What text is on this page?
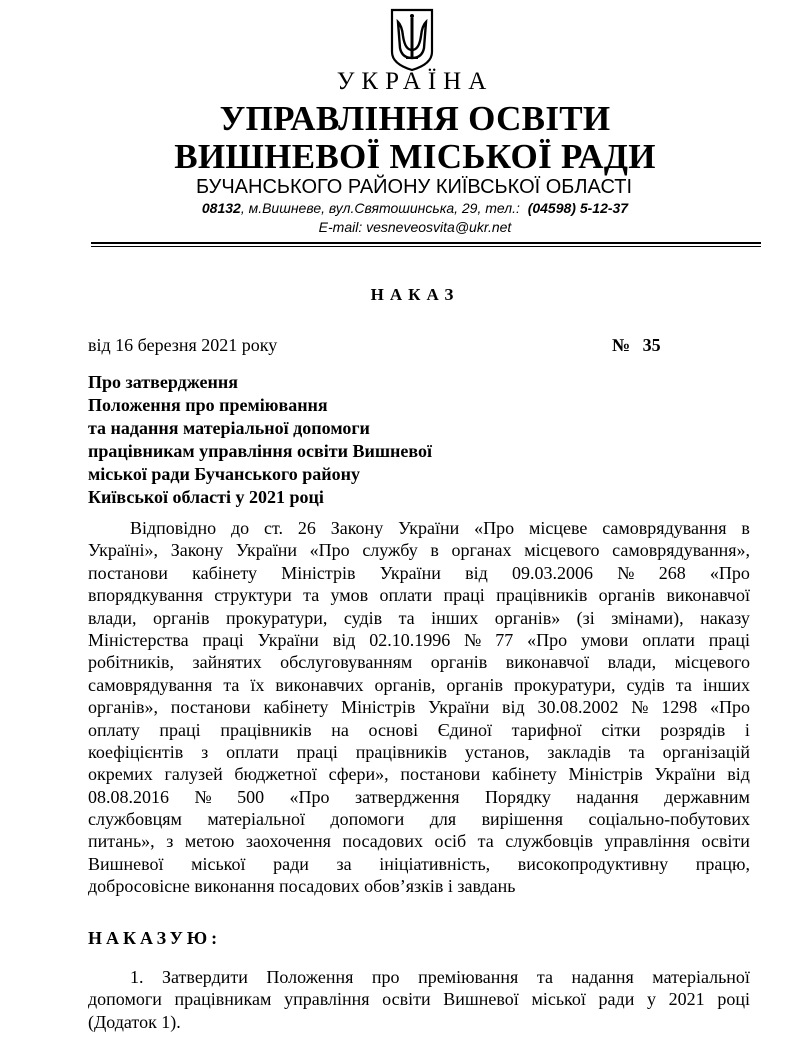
УКРАЇНА
УПРАВЛІННЯ ОСВІТИ
ВИШНЕВОЇ МІСЬКОЇ РАДИ
БУЧАНСЬКОГО РАЙОНУ КИЇВСЬКОЇ ОБЛАСТІ
08132, м.Вишневе, вул.Святошинська, 29, тел.: (04598) 5-12-37
E-mail: vesneveosvita@ukr.net
НАКАЗ
від 16 березня 2021 року	№ 35
Про затвердження
Положення про преміювання
та надання матеріальної допомоги
працівникам управління освіти Вишневої
міської ради Бучанського району
Київської області у 2021 році
Відповідно до ст. 26 Закону України «Про місцеве самоврядування в
Україні», Закону України «Про службу в органах місцевого самоврядування»,
постанови кабінету Міністрів України від 09.03.2006 № 268 «Про
впорядкування структури та умов оплати праці працівників органів виконавчої
влади, органів прокуратури, судів та інших органів» (зі змінами), наказу
Міністерства праці України від 02.10.1996 № 77 «Про умови оплати праці
робітників, зайнятих обслуговуванням органів виконавчої влади, місцевого
самоврядування та їх виконавчих органів, органів прокуратури, судів та інших
органів», постанови кабінету Міністрів України від 30.08.2002 № 1298 «Про
оплату праці працівників на основі Єдиної тарифної сітки розрядів і
коефіцієнтів з оплати праці працівників установ, закладів та організацій
окремих галузей бюджетної сфери», постанови кабінету Міністрів України від
08.08.2016 № 500 «Про затвердження Порядку надання державним
службовцям матеріальної допомоги для вирішення соціально-побутових
питань», з метою заохочення посадових осіб та службовців управління освіти
Вишневої міської ради за ініціативність, високопродуктивну працю,
добросовісне виконання посадових обов’язків і завдань
НАКАЗУЮ:
1. Затвердити Положення про преміювання та надання матеріальної
допомоги працівникам управління освіти Вишневої міської ради у 2021 році
(Додаток 1).
